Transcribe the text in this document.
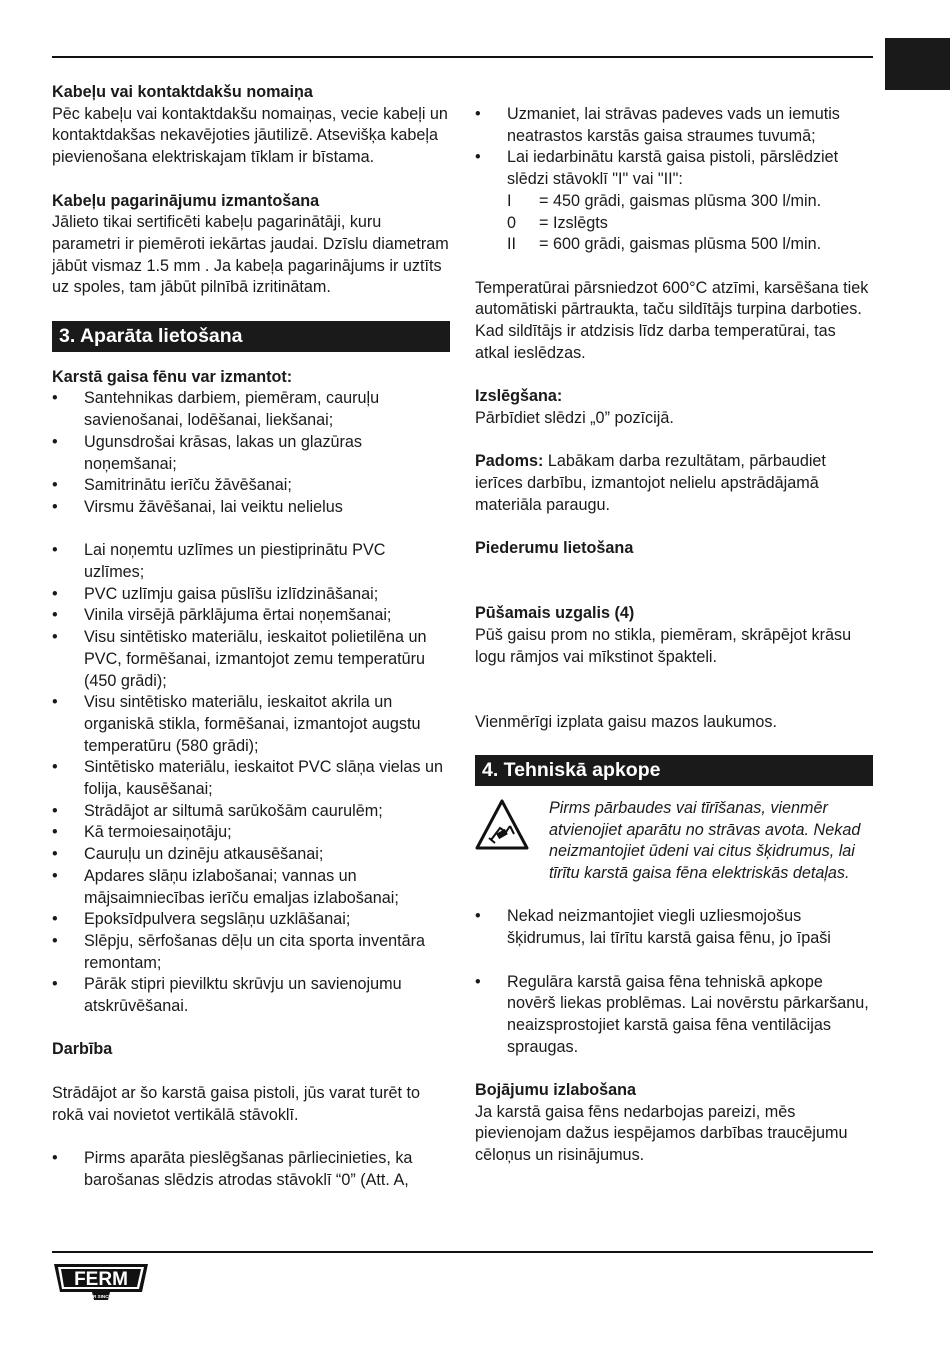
Kabeļu vai kontaktdakšu nomaiņa

Pēc kabeļu vai kontaktdakšu nomaiņas, vecie kabeļi un kontaktdakšas nekavējoties jāutilizē. Atsevišķa kabeļa pievienošana elektriskajam tīklam ir bīstama.

Kabeļu pagarinājumu izmantošana

Jālieto tikai sertificēti kabeļu pagarinātāji, kuru parametri ir piemēroti iekārtas jaudai. Dzīslu diametram jābūt vismaz 1.5 mm . Ja kabeļa pagarinājums ir uztīts uz spoles, tam jābūt pilnībā izritinātam.

3. Aparāta lietošana

Karstā gaisa fēnu var izmantot:

• Santehnikas darbiem, piemēram, cauruļu savienošanai, lodēšanai, liekšanai;
• Ugunsdrošai krāsas, lakas un glazūras noņemšanai;
• Samitrinātu ierīču žāvēšanai;
• Virsmu žāvēšanai, lai veiktu nelielus
• Lai noņemtu uzlīmes un piestiprinātu PVC uzlīmes;
• PVC uzlīmju gaisa pūslīšu izlīdzināšanai;
• Vinila virsējā pārklājuma ērtai noņemšanai;
• Visu sintētisko materiālu, ieskaitot polietilēna un PVC, formēšanai, izmantojot zemu temperatūru (450 grādi);
• Visu sintētisko materiālu, ieskaitot akrila un organiskā stikla, formēšanai, izmantojot augstu temperatūru (580 grādi);
• Sintētisko materiālu, ieskaitot PVC slāņa vielas un folija, kausēšanai;
• Strādājot ar siltumā sarūkošām caurulēm;
• Kā termoiesaiņotāju;
• Cauruļu un dzinēju atkausēšanai;
• Apdares slāņu izlabošanai; vannas un mājsaimniecības ierīču emaljas izlabošanai;
• Epoksīdpulvera segslāņu uzklāšanai;
• Slēpju, sērfošanas dēļu un cita sporta inventāra remontam;
• Pārāk stipri pievilktu skrūvju un savienojumu atskrūvēšanai.

Darbība

Strādājot ar šo karstā gaisa pistoli, jūs varat turēt to rokā vai novietot vertikālā stāvoklī.

• Pirms aparāta pieslēgšanas pārliecinieties, ka barošanas slēdzis atrodas stāvoklī “0” (Att. A,
• Uzmaniet, lai strāvas padeves vads un iemutis neatrastos karstās gaisa straumes tuvumā;
• Lai iedarbinātu karstā gaisa pistoli, pārslēdziet slēdzi stāvoklī "I" vai "II":
I	= 450 grādi, gaismas plūsma 300 l/min.
0	= Izslēgts
II	= 600 grādi, gaismas plūsma 500 l/min.

Temperatūrai pārsniedzot 600°C atzīmi, karsēšana tiek automātiski pārtraukta, taču sildītājs turpina darboties. Kad sildītājs ir atdzisis līdz darba temperatūrai, tas atkal ieslēdzas.

Izslēgšana:

Pārbīdiet slēdzi „0” pozīcijā.

Padoms: Labākam darba rezultātam, pārbaudiet ierīces darbību, izmantojot nelielu apstrādājamā materiāla paraugu.

Piederumu lietošana

Pūšamais uzgalis (4)

Pūš gaisu prom no stikla, piemēram, skrāpējot krāsu logu rāmjos vai mīkstinot špakteli.

Vienmērīgi izplata gaisu mazos laukumos.

4. Tehniskā apkope

Pirms pārbaudes vai tīrīšanas, vienmēr atvienojiet aparātu no strāvas avota. Nekad neizmantojiet ūdeni vai citus šķidrumus, lai tīrītu karstā gaisa fēna elektriskās detaļas.

• Nekad neizmantojiet viegli uzliesmojošus šķidrumus, lai tīrītu karstā gaisa fēnu, jo īpaši
• Regulāra karstā gaisa fēna tehniskā apkope novērš liekas problēmas. Lai novērstu pārkaršanu, neaizsprostojiet karstā gaisa fēna ventilācijas spraugas.

Bojājumu izlabošana

Ja karstā gaisa fēns nedarbojas pareizi, mēs pievienojam dažus iespējamos darbības traucējumu cēloņus un risinājumus.

FERM
POWER SINCE 1949
